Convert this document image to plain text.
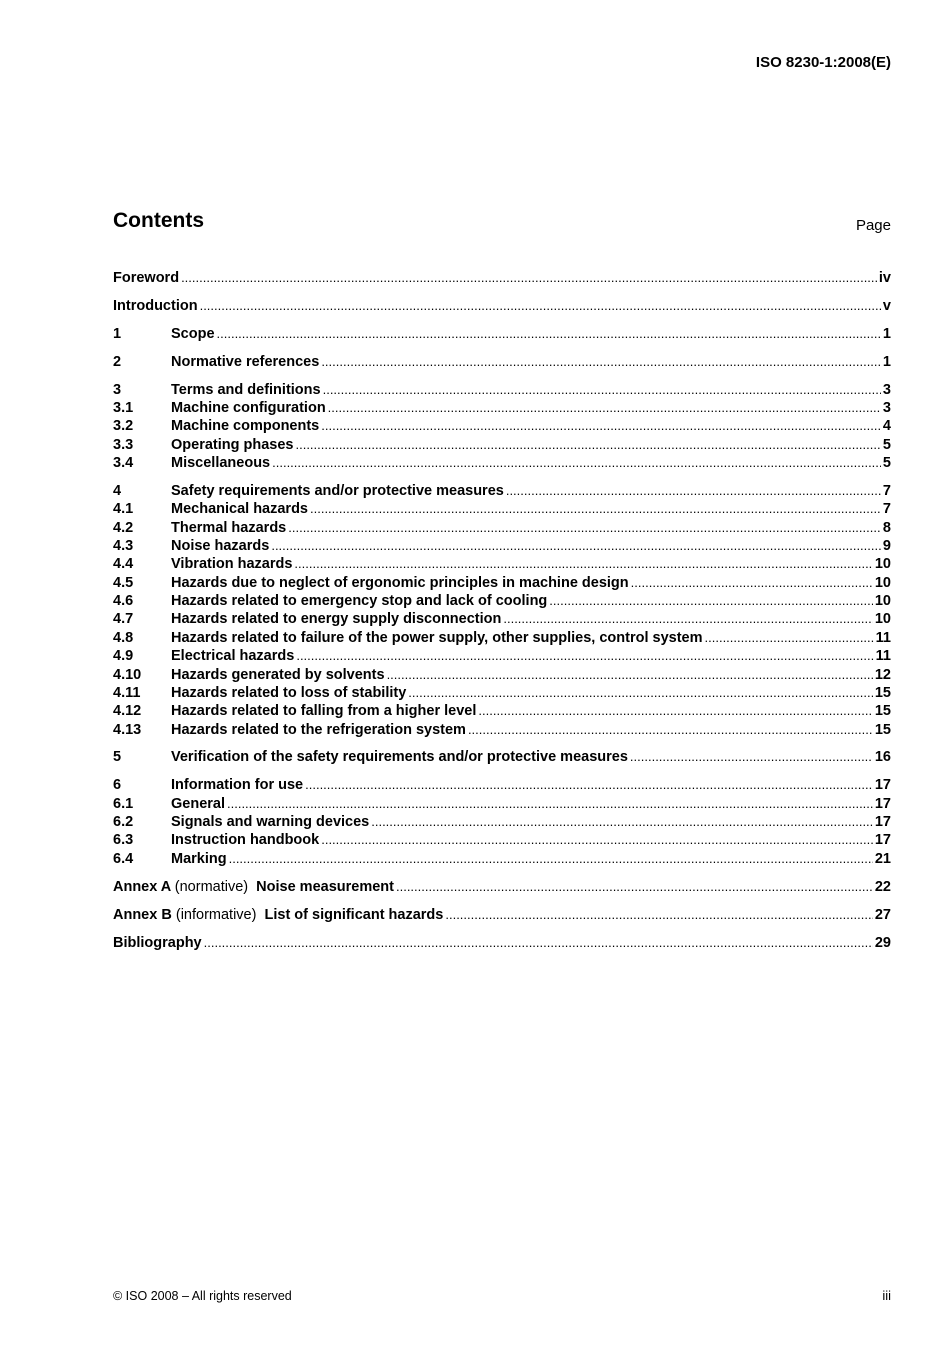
ISO 8230-1:2008(E)
Contents	Page
Foreword .....	iv
Introduction .....	v
1	Scope .....	1
2	Normative references .....	1
3	Terms and definitions .....	3
3.1	Machine configuration .....	3
3.2	Machine components .....	4
3.3	Operating phases .....	5
3.4	Miscellaneous .....	5
4	Safety requirements and/or protective measures .....	7
4.1	Mechanical hazards .....	7
4.2	Thermal hazards .....	8
4.3	Noise hazards .....	9
4.4	Vibration hazards .....	10
4.5	Hazards due to neglect of ergonomic principles in machine design .....	10
4.6	Hazards related to emergency stop and lack of cooling .....	10
4.7	Hazards related to energy supply disconnection .....	10
4.8	Hazards related to failure of the power supply, other supplies, control system .....	11
4.9	Electrical hazards .....	11
4.10	Hazards generated by solvents .....	12
4.11	Hazards related to loss of stability .....	15
4.12	Hazards related to falling from a higher level .....	15
4.13	Hazards related to the refrigeration system .....	15
5	Verification of the safety requirements and/or protective measures .....	16
6	Information for use .....	17
6.1	General .....	17
6.2	Signals and warning devices .....	17
6.3	Instruction handbook .....	17
6.4	Marking .....	21
Annex A (normative) Noise measurement .....	22
Annex B (informative) List of significant hazards .....	27
Bibliography .....	29
© ISO 2008 – All rights reserved	iii
